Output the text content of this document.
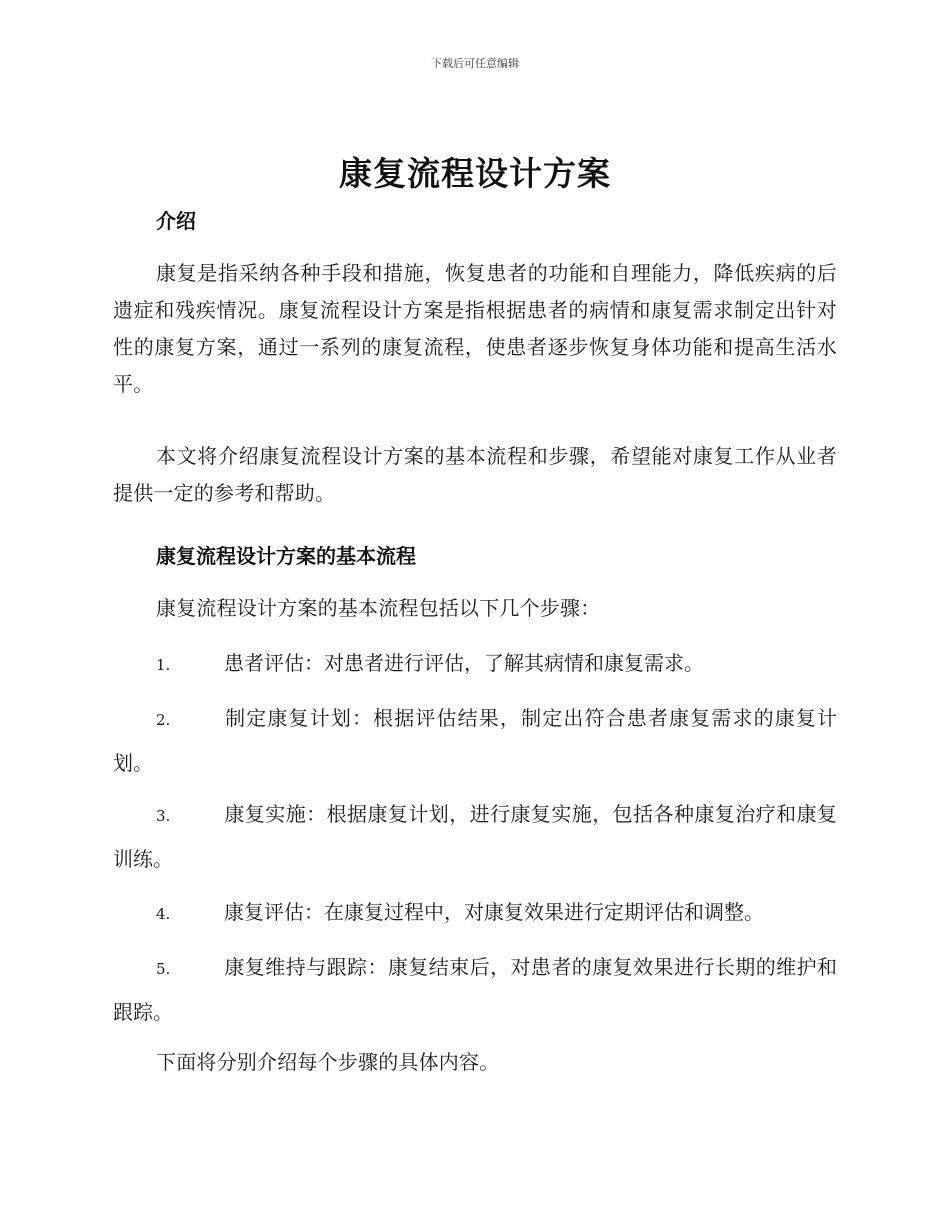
下载后可任意编辑
康复流程设计方案
介绍
康复是指采纳各种手段和措施，恢复患者的功能和自理能力，降低疾病的后遗症和残疾情况。康复流程设计方案是指根据患者的病情和康复需求制定出针对性的康复方案，通过一系列的康复流程，使患者逐步恢复身体功能和提高生活水平。
本文将介绍康复流程设计方案的基本流程和步骤，希望能对康复工作从业者提供一定的参考和帮助。
康复流程设计方案的基本流程
康复流程设计方案的基本流程包括以下几个步骤：
1.	患者评估：对患者进行评估，了解其病情和康复需求。
2.	制定康复计划：根据评估结果，制定出符合患者康复需求的康复计划。
3.	康复实施：根据康复计划，进行康复实施，包括各种康复治疗和康复训练。
4.	康复评估：在康复过程中，对康复效果进行定期评估和调整。
5.	康复维持与跟踪：康复结束后，对患者的康复效果进行长期的维护和跟踪。
下面将分别介绍每个步骤的具体内容。
